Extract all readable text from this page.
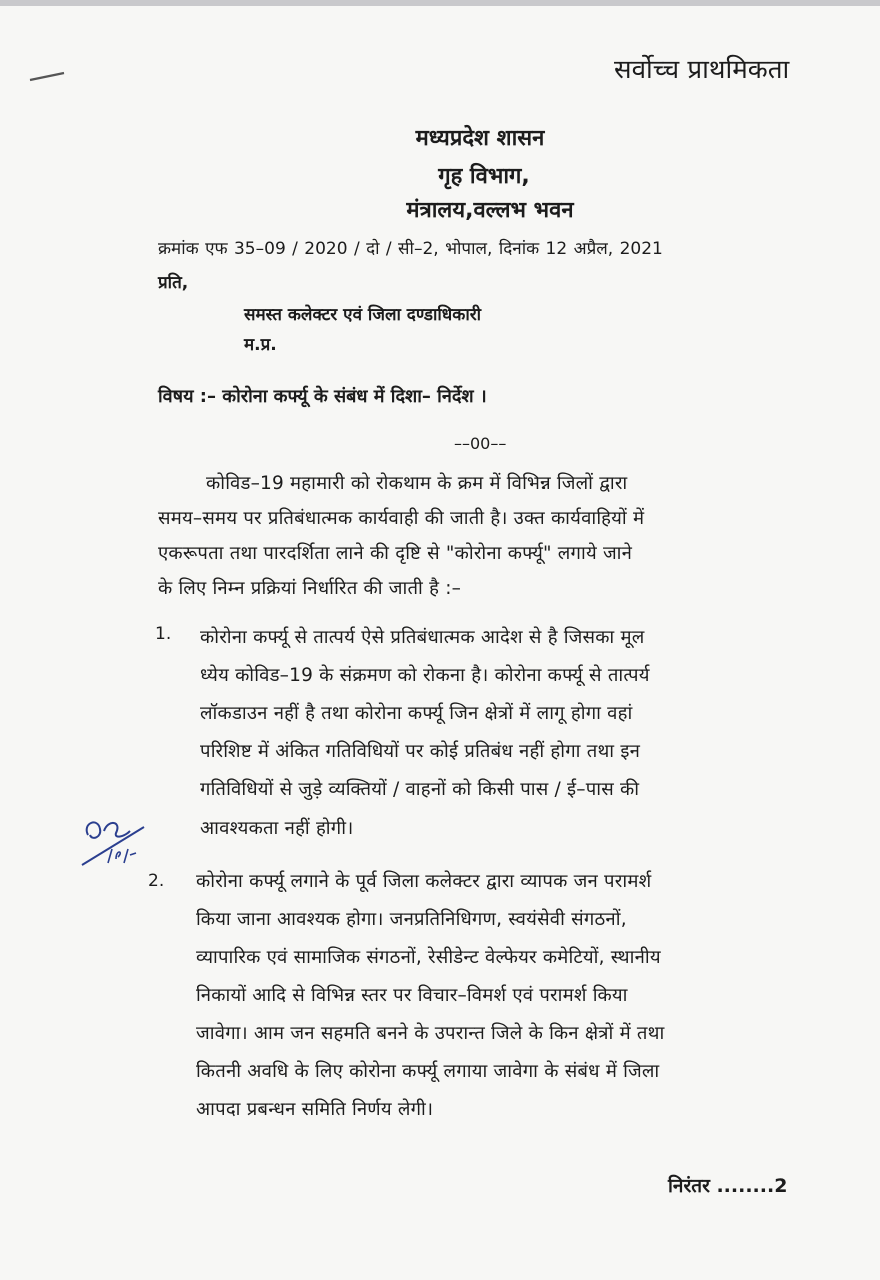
सर्वोच्च प्राथमिकता
मध्यप्रदेश शासन
गृह विभाग,
मंत्रालय,वल्लभ भवन
क्रमांक एफ 35–09 / 2020 / दो / सी–2, भोपाल, दिनांक 12 अप्रैल, 2021
प्रति,
समस्त कलेक्टर एवं जिला दण्डाधिकारी
म.प्र.
विषय :– कोरोना कर्फ्यू के संबंध में दिशा– निर्देश ।
––00––
कोविड–19 महामारी को रोकथाम के क्रम में विभिन्न जिलों द्वारा
समय–समय पर प्रतिबंधात्मक कार्यवाही की जाती है। उक्त कार्यवाहियों में
एकरूपता तथा पारदर्शिता लाने की दृष्टि से "कोरोना कर्फ्यू" लगाये जाने
के लिए निम्न प्रक्रियां निर्धारित की जाती है :–
1. कोरोना कर्फ्यू से तात्पर्य ऐसे प्रतिबंधात्मक आदेश से है जिसका मूल
ध्येय कोविड–19 के संक्रमण को रोकना है। कोरोना कर्फ्यू से तात्पर्य
लॉकडाउन नहीं है तथा कोरोना कर्फ्यू जिन क्षेत्रों में लागू होगा वहां
परिशिष्ट में अंकित गतिविधियों पर कोई प्रतिबंध नहीं होगा तथा इन
गतिविधियों से जुड़े व्यक्तियों / वाहनों को किसी पास / ई–पास की
आवश्यकता नहीं होगी।
2. कोरोना कर्फ्यू लगाने के पूर्व जिला कलेक्टर द्वारा व्यापक जन परामर्श
किया जाना आवश्यक होगा। जनप्रतिनिधिगण, स्वयंसेवी संगठनों,
व्यापारिक एवं सामाजिक संगठनों, रेसीडेन्ट वेल्फेयर कमेटियों, स्थानीय
निकायों आदि से विभिन्न स्तर पर विचार–विमर्श एवं परामर्श किया
जावेगा। आम जन सहमति बनने के उपरान्त जिले के किन क्षेत्रों में तथा
कितनी अवधि के लिए कोरोना कर्फ्यू लगाया जावेगा के संबंध में जिला
आपदा प्रबन्धन समिति निर्णय लेगी।
निरंतर ........2
